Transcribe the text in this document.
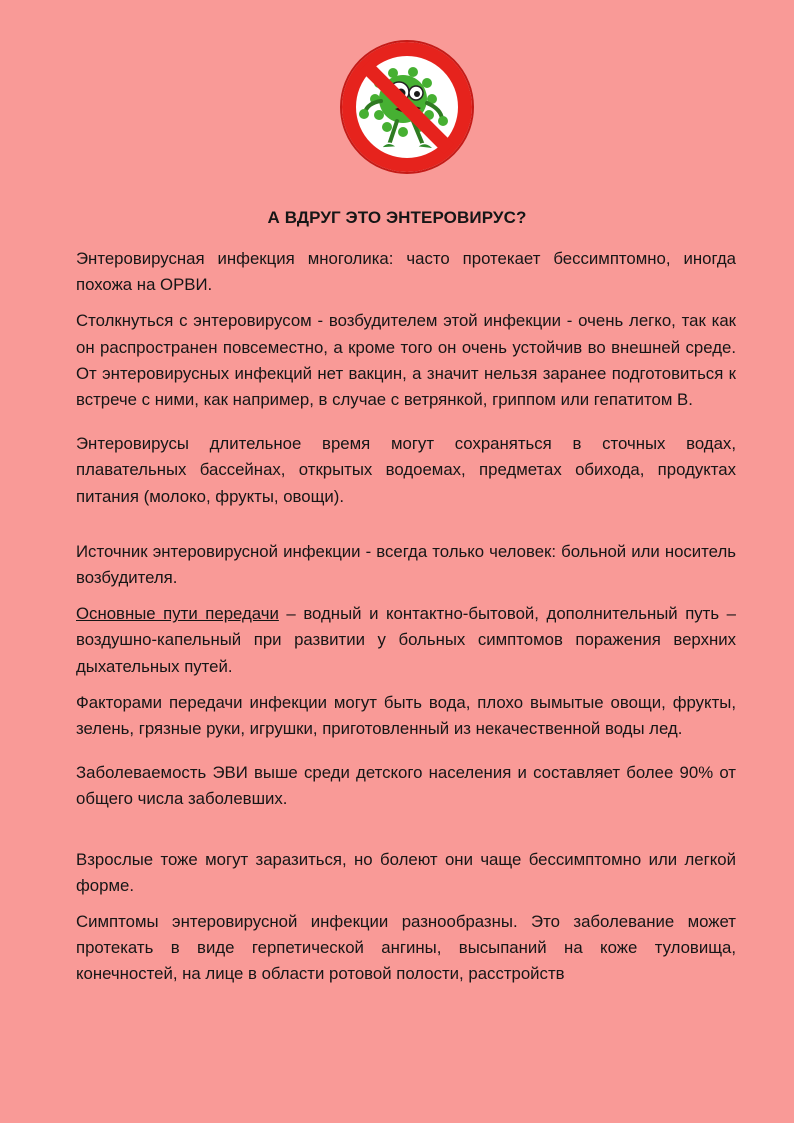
А ВДРУГ ЭТО ЭНТЕРОВИРУС?

Энтеровирусная инфекция многолика: часто протекает бессимптомно, иногда похожа на ОРВИ.

Столкнуться с энтеровирусом - возбудителем этой инфекции - очень легко, так как он распространен повсеместно, а кроме того он очень устойчив во внешней среде. От энтеровирусных инфекций нет вакцин, а значит нельзя заранее подготовиться к встрече с ними, как например, в случае с ветрянкой, гриппом или гепатитом В.

Энтеровирусы длительное время могут сохраняться в сточных водах, плавательных бассейнах, открытых водоемах, предметах обихода, продуктах питания (молоко, фрукты, овощи).

Источник энтеровирусной инфекции - всегда только человек: больной или носитель возбудителя.

Основные пути передачи – водный и контактно-бытовой, дополнительный путь – воздушно-капельный при развитии у больных симптомов поражения верхних дыхательных путей.

Факторами передачи инфекции могут быть вода, плохо вымытые овощи, фрукты, зелень, грязные руки, игрушки, приготовленный из некачественной воды лед.

Заболеваемость ЭВИ выше среди детского населения и составляет более 90% от общего числа заболевших.

Взрослые тоже могут заразиться, но болеют они чаще бессимптомно или легкой форме.

Симптомы энтеровирусной инфекции разнообразны. Это заболевание может протекать в виде герпетической ангины, высыпаний на коже туловища, конечностей, на лице в области ротовой полости, расстройств
